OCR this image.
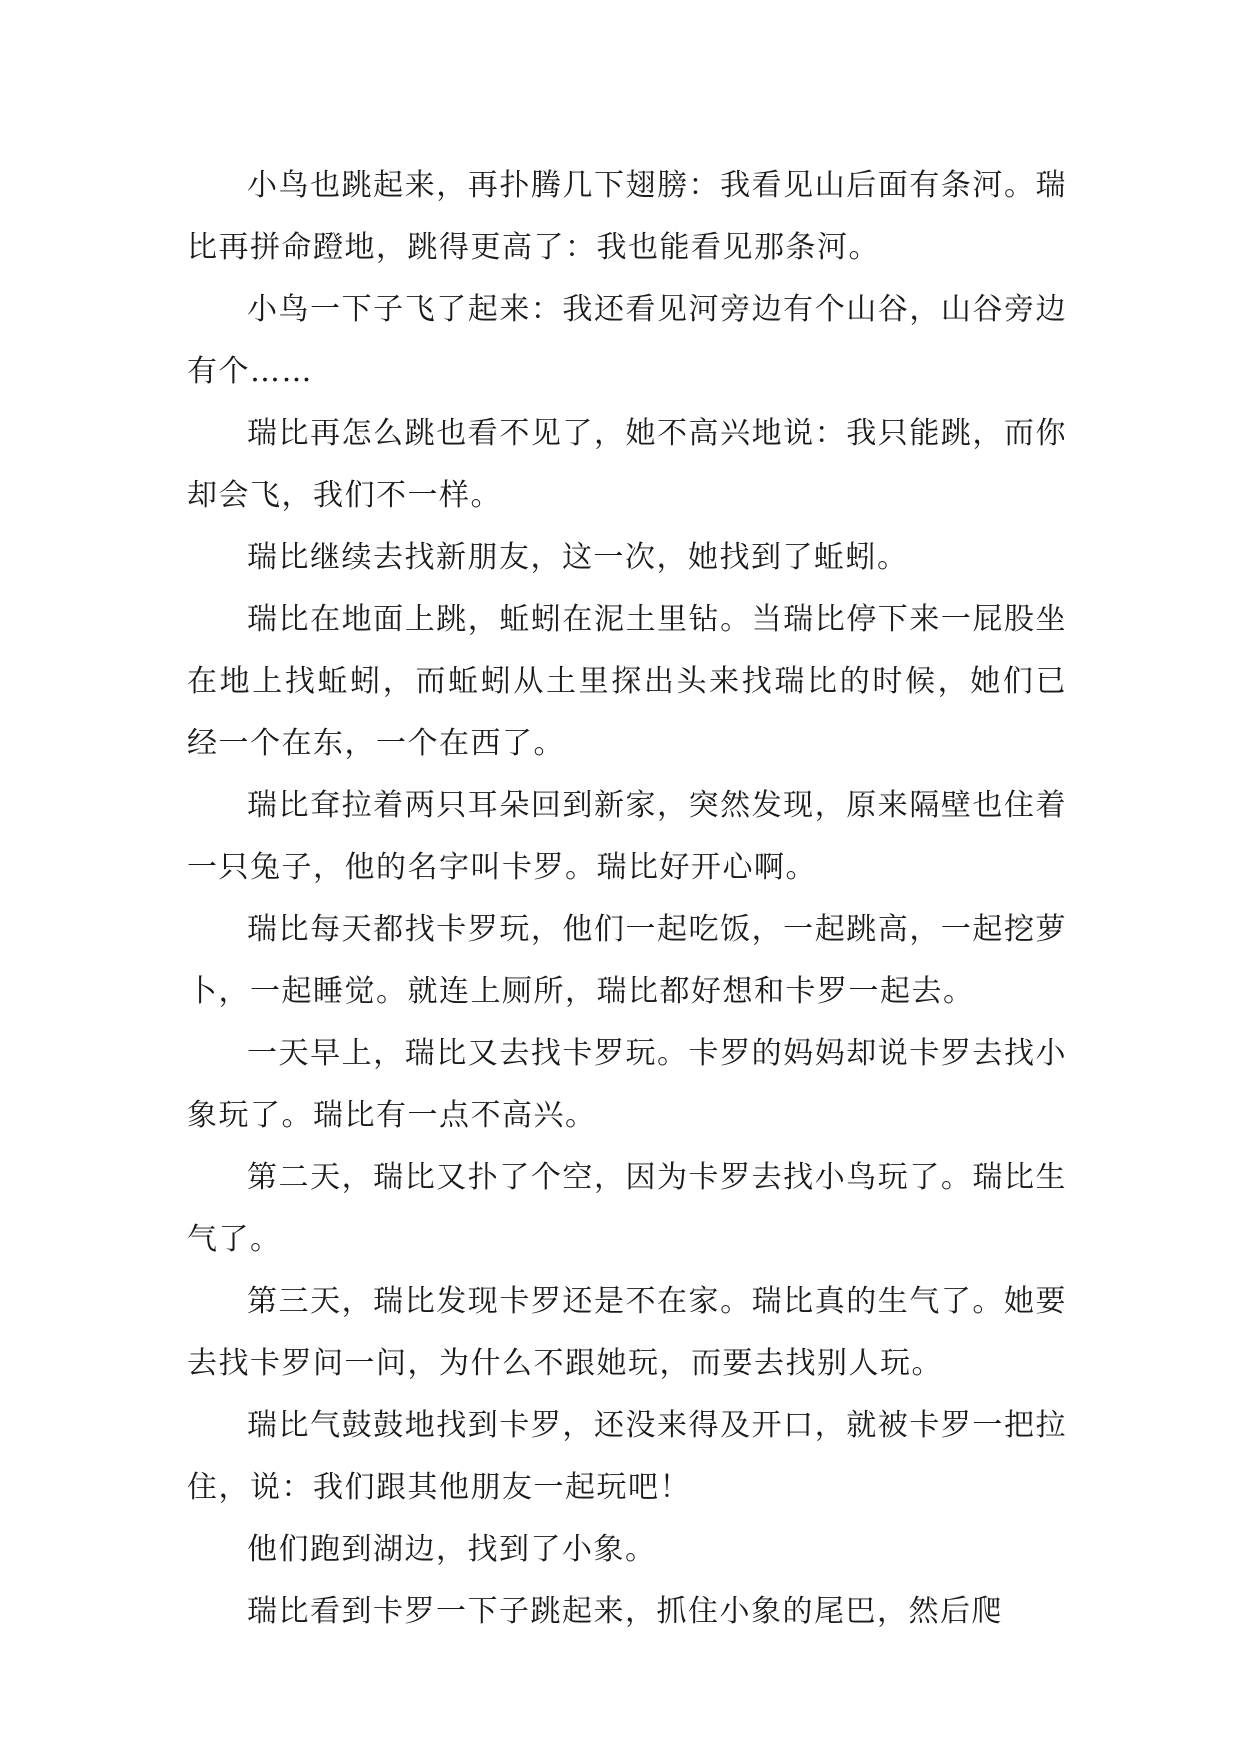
小鸟也跳起来，再扑腾几下翅膀：我看见山后面有条河。瑞比再拼命蹬地，跳得更高了：我也能看见那条河。

小鸟一下子飞了起来：我还看见河旁边有个山谷，山谷旁边有个……

瑞比再怎么跳也看不见了，她不高兴地说：我只能跳，而你却会飞，我们不一样。

瑞比继续去找新朋友，这一次，她找到了蚯蚓。

瑞比在地面上跳，蚯蚓在泥土里钻。当瑞比停下来一屁股坐在地上找蚯蚓，而蚯蚓从土里探出头来找瑞比的时候，她们已经一个在东，一个在西了。

瑞比耷拉着两只耳朵回到新家，突然发现，原来隔壁也住着一只兔子，他的名字叫卡罗。瑞比好开心啊。

瑞比每天都找卡罗玩，他们一起吃饭，一起跳高，一起挖萝卜，一起睡觉。就连上厕所，瑞比都好想和卡罗一起去。

一天早上，瑞比又去找卡罗玩。卡罗的妈妈却说卡罗去找小象玩了。瑞比有一点不高兴。

第二天，瑞比又扑了个空，因为卡罗去找小鸟玩了。瑞比生气了。

第三天，瑞比发现卡罗还是不在家。瑞比真的生气了。她要去找卡罗问一问，为什么不跟她玩，而要去找别人玩。

瑞比气鼓鼓地找到卡罗，还没来得及开口，就被卡罗一把拉住，说：我们跟其他朋友一起玩吧！

他们跑到湖边，找到了小象。

瑞比看到卡罗一下子跳起来，抓住小象的尾巴，然后爬
